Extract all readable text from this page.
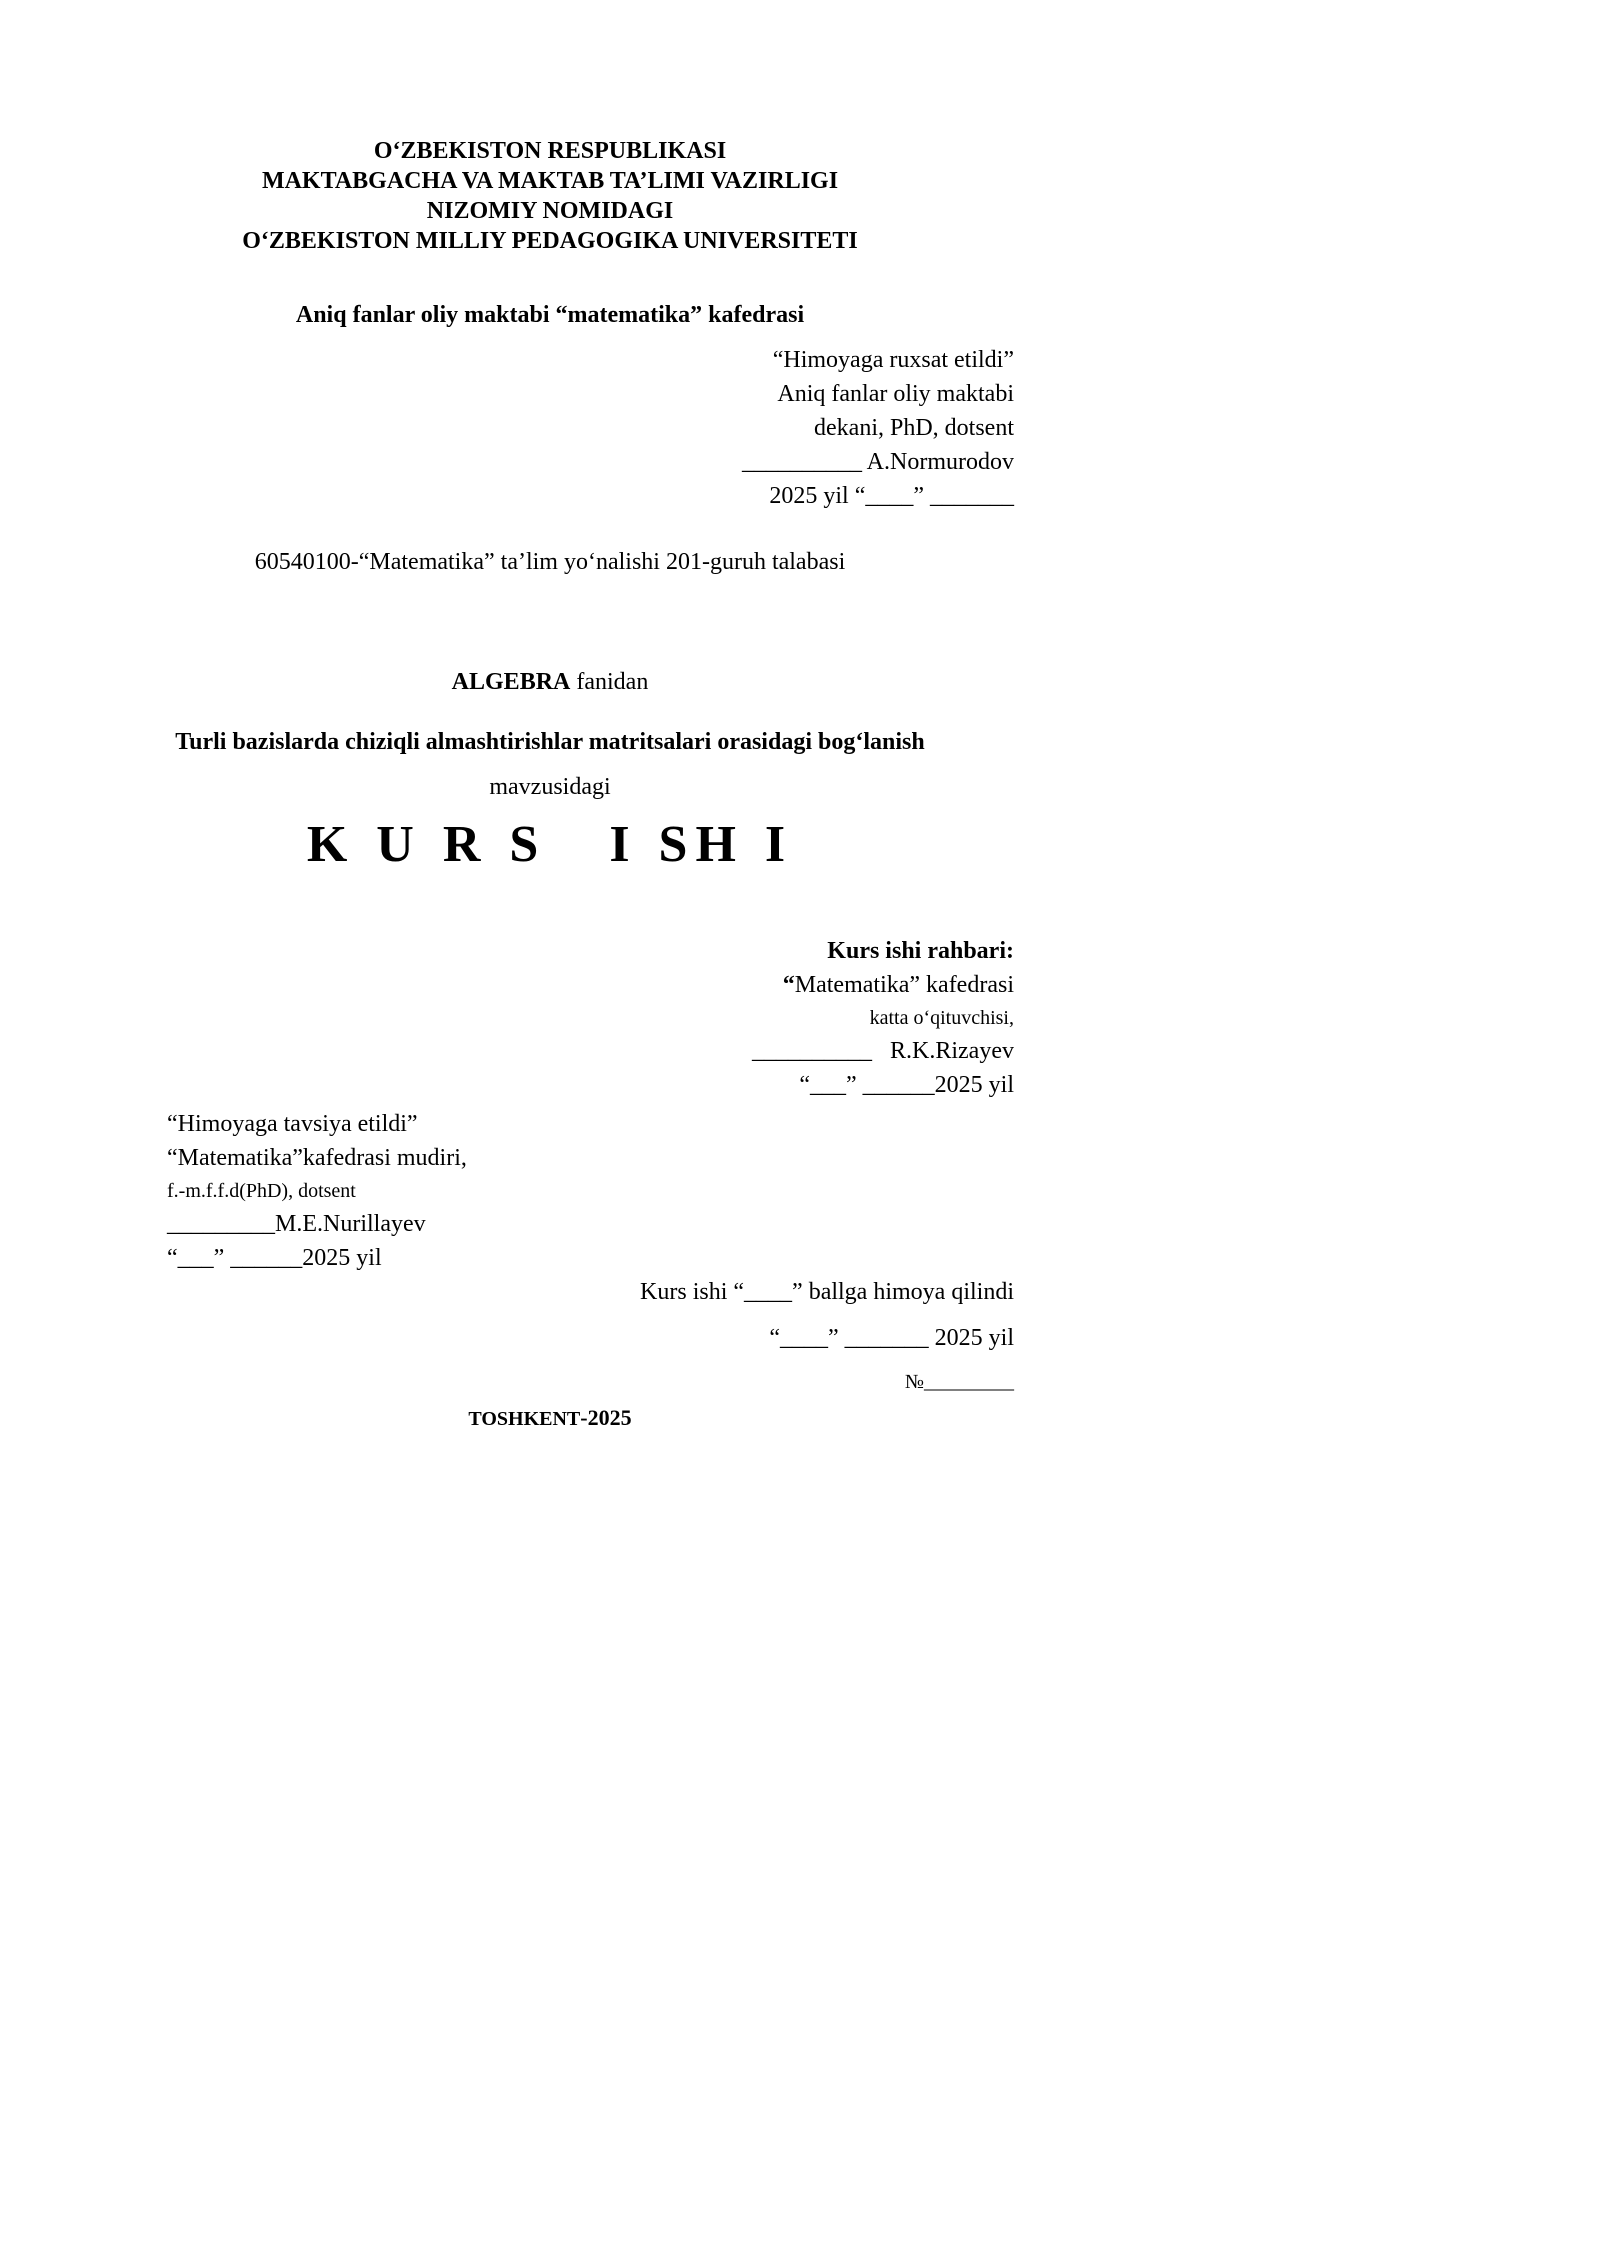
O‘ZBEKISTON RESPUBLIKASI
MAKTABGACHA VA MAKTAB TA’LIMI VAZIRLIGI
NIZOMIY NOMIDAGI
O‘ZBEKISTON MILLIY PEDAGOGIKA UNIVERSITETI
Aniq fanlar oliy maktabi “matematika” kafedrasi
“Himoyaga ruxsat etildi”
Aniq fanlar oliy maktabi
dekani, PhD, dotsent
__________ A.Normurodov
2025 yil “____” _______
60540100-“Matematika” ta’lim yo‘nalishi 201-guruh talabasi
ALGEBRA fanidan
Turli bazislarda chiziqli almashtirishlar matritsalari orasidagi bog‘lanish
mavzusidagi
K U R S   I SH I
Kurs ishi rahbari:
“Matematika” kafedrasi
katta o‘qituvchisi,
__________   R.K.Rizayev
“___” ______2025 yil
“Himoyaga tavsiya etildi”
“Matematika”kafedrasi mudiri,
f.-m.f.f.d(PhD), dotsent
_________M.E.Nurillayev
“___” ______2025 yil
Kurs ishi “____” ballga himoya qilindi
“____” _______ 2025 yil
№_________
TOSHKENT-2025
